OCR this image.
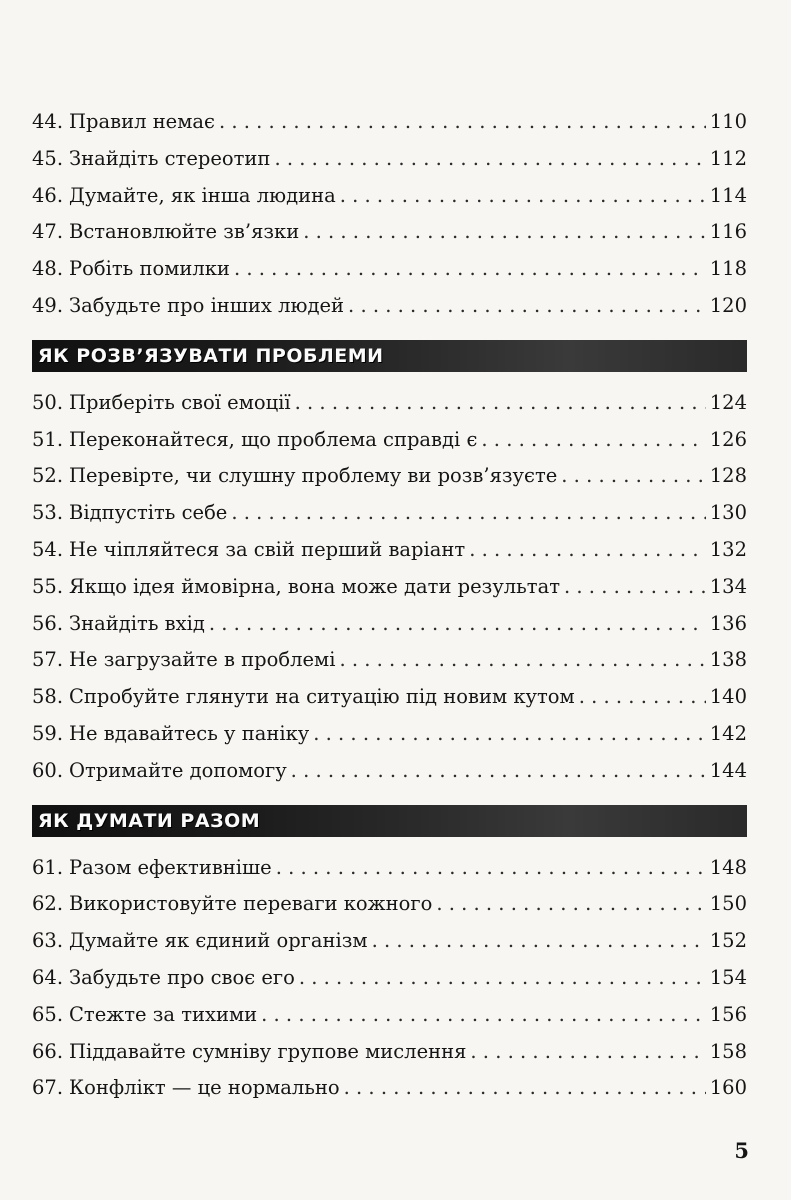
44. Правил немає . . .	110
45. Знайдіть стереотип . . .	112
46. Думайте, як інша людина . . .	114
47. Встановлюйте зв’язки . . .	116
48. Робіть помилки . . .	118
49. Забудьте про інших людей . . .	120
ЯК РОЗВ’ЯЗУВАТИ ПРОБЛЕМИ
50. Приберіть свої емоції . . .	124
51. Переконайтеся, що проблема справді є . . .	126
52. Перевірте, чи слушну проблему ви розв’язуєте . . .	128
53. Відпустіть себе . . .	130
54. Не чіпляйтеся за свій перший варіант . . .	132
55. Якщо ідея ймовірна, вона може дати результат . . .	134
56. Знайдіть вхід . . .	136
57. Не загрузайте в проблемі . . .	138
58. Спробуйте глянути на ситуацію під новим кутом . . .	140
59. Не вдавайтесь у паніку . . .	142
60. Отримайте допомогу . . .	144
ЯК ДУМАТИ РАЗОМ
61. Разом ефективніше . . .	148
62. Використовуйте переваги кожного . . .	150
63. Думайте як єдиний організм . . .	152
64. Забудьте про своє его . . .	154
65. Стежте за тихими . . .	156
66. Піддавайте сумніву групове мислення . . .	158
67. Конфлікт — це нормально . . .	160
5
